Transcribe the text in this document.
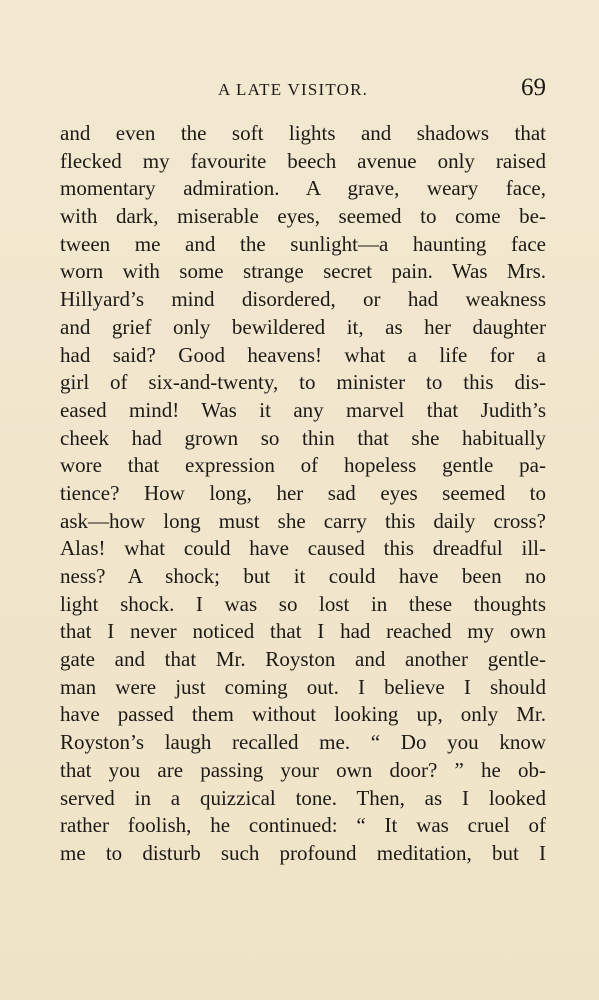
A LATE VISITOR.	69
and even the soft lights and shadows that
flecked my favourite beech avenue only raised
momentary admiration. A grave, weary face,
with dark, miserable eyes, seemed to come be-
tween me and the sunlight—a haunting face
worn with some strange secret pain. Was Mrs.
Hillyard’s mind disordered, or had weakness
and grief only bewildered it, as her daughter
had said? Good heavens! what a life for a
girl of six-and-twenty, to minister to this dis-
eased mind! Was it any marvel that Judith’s
cheek had grown so thin that she habitually
wore that expression of hopeless gentle pa-
tience? How long, her sad eyes seemed to
ask—how long must she carry this daily cross?
Alas! what could have caused this dreadful ill-
ness? A shock; but it could have been no
light shock. I was so lost in these thoughts
that I never noticed that I had reached my own
gate and that Mr. Royston and another gentle-
man were just coming out. I believe I should
have passed them without looking up, only Mr.
Royston’s laugh recalled me. “ Do you know
that you are passing your own door? ” he ob-
served in a quizzical tone. Then, as I looked
rather foolish, he continued: “ It was cruel of
me to disturb such profound meditation, but I
